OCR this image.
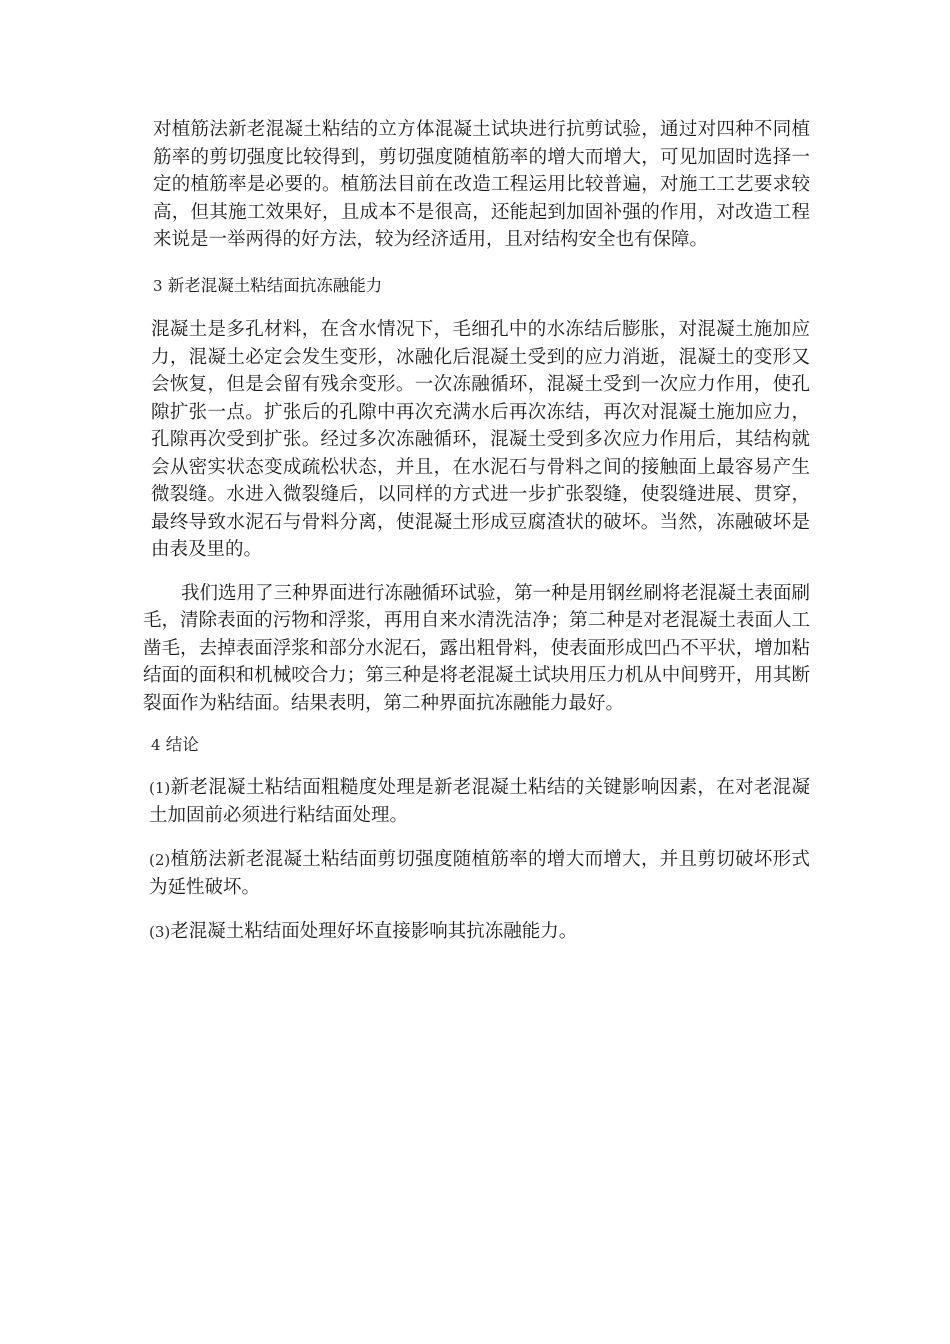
对植筋法新老混凝土粘结的立方体混凝土试块进行抗剪试验，通过对四种不同植筋率的剪切强度比较得到，剪切强度随植筋率的增大而增大，可见加固时选择一定的植筋率是必要的。植筋法目前在改造工程运用比较普遍，对施工工艺要求较高，但其施工效果好，且成本不是很高，还能起到加固补强的作用，对改造工程来说是一举两得的好方法，较为经济适用，且对结构安全也有保障。

3 新老混凝土粘结面抗冻融能力

混凝土是多孔材料，在含水情况下，毛细孔中的水冻结后膨胀，对混凝土施加应力，混凝土必定会发生变形，冰融化后混凝土受到的应力消逝，混凝土的变形又会恢复，但是会留有残余变形。一次冻融循环，混凝土受到一次应力作用，使孔隙扩张一点。扩张后的孔隙中再次充满水后再次冻结，再次对混凝土施加应力，孔隙再次受到扩张。经过多次冻融循环，混凝土受到多次应力作用后，其结构就会从密实状态变成疏松状态，并且，在水泥石与骨料之间的接触面上最容易产生微裂缝。水进入微裂缝后，以同样的方式进一步扩张裂缝，使裂缝进展、贯穿，最终导致水泥石与骨料分离，使混凝土形成豆腐渣状的破坏。当然，冻融破坏是由表及里的。

我们选用了三种界面进行冻融循环试验，第一种是用钢丝刷将老混凝土表面刷毛，清除表面的污物和浮浆，再用自来水清洗洁净；第二种是对老混凝土表面人工凿毛，去掉表面浮浆和部分水泥石，露出粗骨料，使表面形成凹凸不平状，增加粘结面的面积和机械咬合力；第三种是将老混凝土试块用压力机从中间劈开，用其断裂面作为粘结面。结果表明，第二种界面抗冻融能力最好。

4 结论

(1)新老混凝土粘结面粗糙度处理是新老混凝土粘结的关键影响因素，在对老混凝土加固前必须进行粘结面处理。

(2)植筋法新老混凝土粘结面剪切强度随植筋率的增大而增大，并且剪切破坏形式为延性破坏。

(3)老混凝土粘结面处理好坏直接影响其抗冻融能力。
